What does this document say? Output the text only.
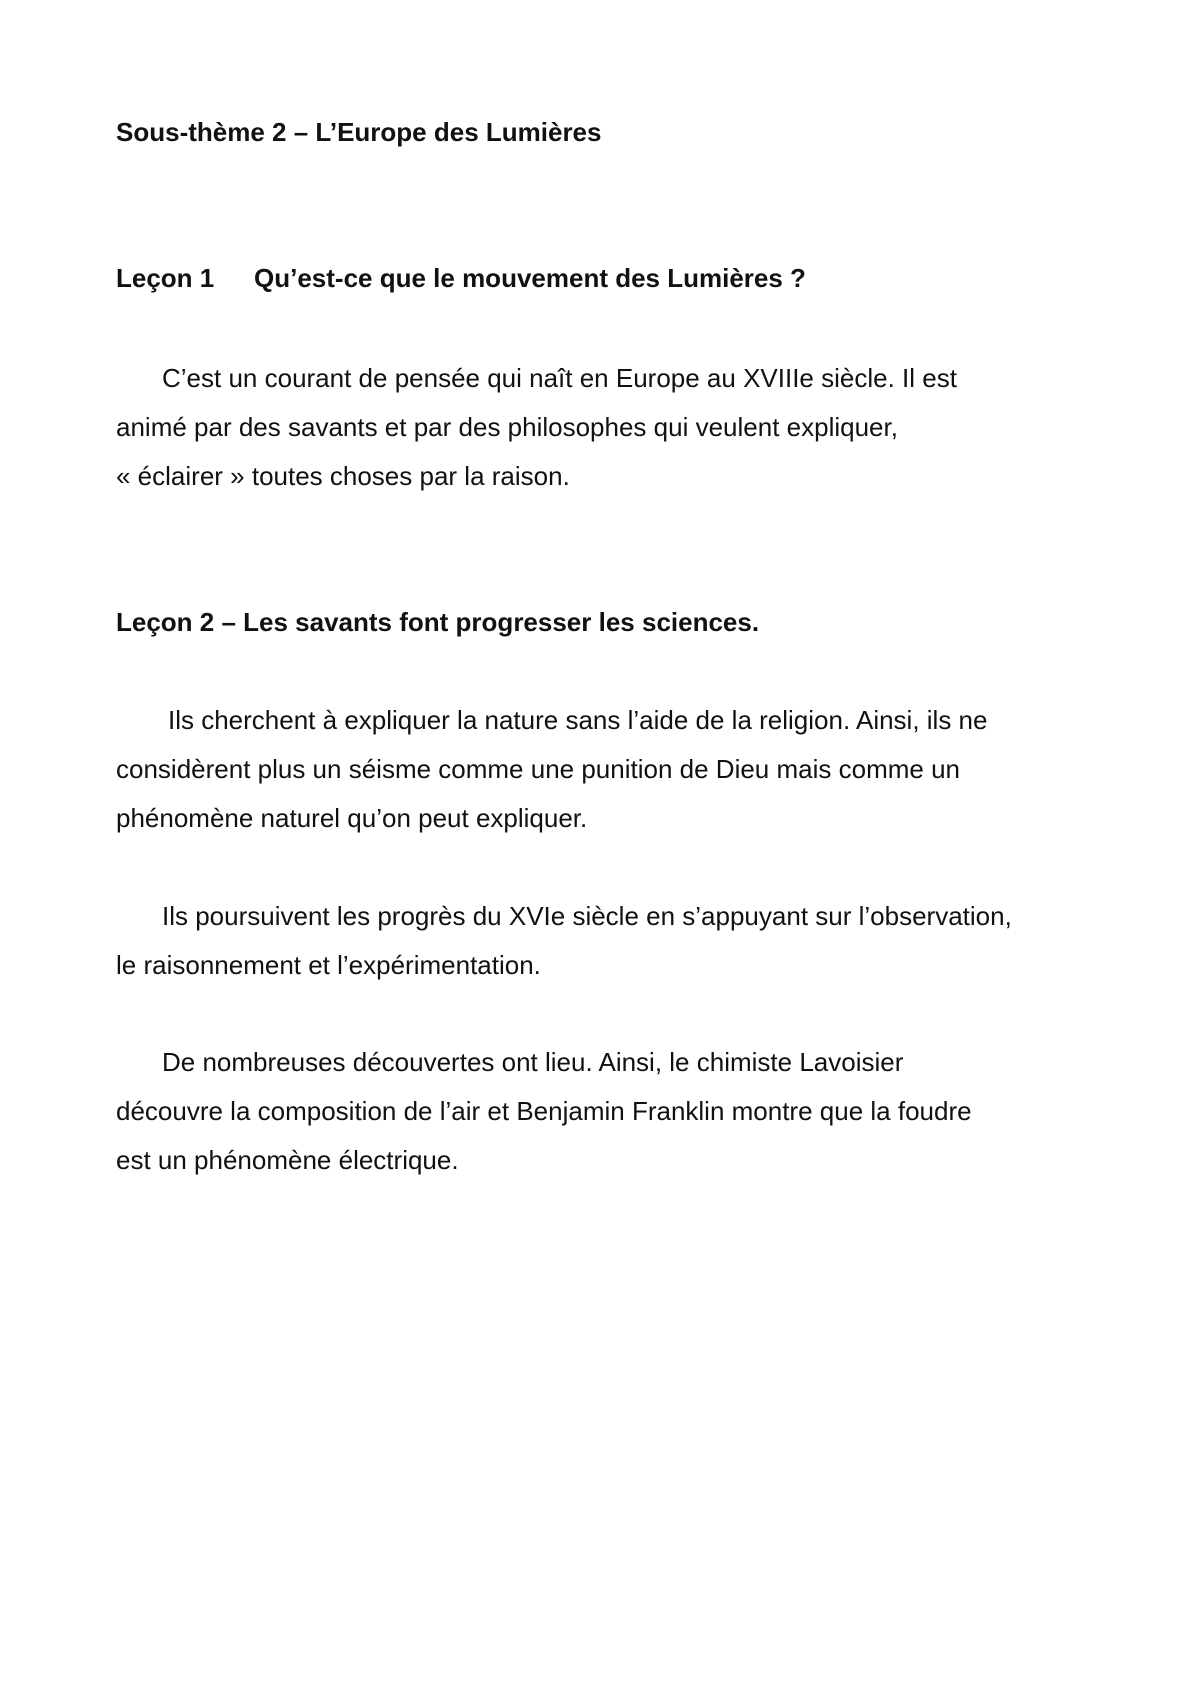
Sous-thème 2 – L’Europe des Lumières
Leçon 1 Qu’est-ce que le mouvement des Lumières ?

C’est un courant de pensée qui naît en Europe au XVIIIe siècle. Il est
animé par des savants et par des philosophes qui veulent expliquer,
« éclairer » toutes choses par la raison.

Leçon 2 – Les savants font progresser les sciences.

Ils cherchent à expliquer la nature sans l’aide de la religion. Ainsi, ils ne
considèrent plus un séisme comme une punition de Dieu mais comme un
phénomène naturel qu’on peut expliquer.

Ils poursuivent les progrès du XVIe siècle en s’appuyant sur l’observation,
le raisonnement et l’expérimentation.

De nombreuses découvertes ont lieu. Ainsi, le chimiste Lavoisier
découvre la composition de l’air et Benjamin Franklin montre que la foudre
est un phénomène électrique.
